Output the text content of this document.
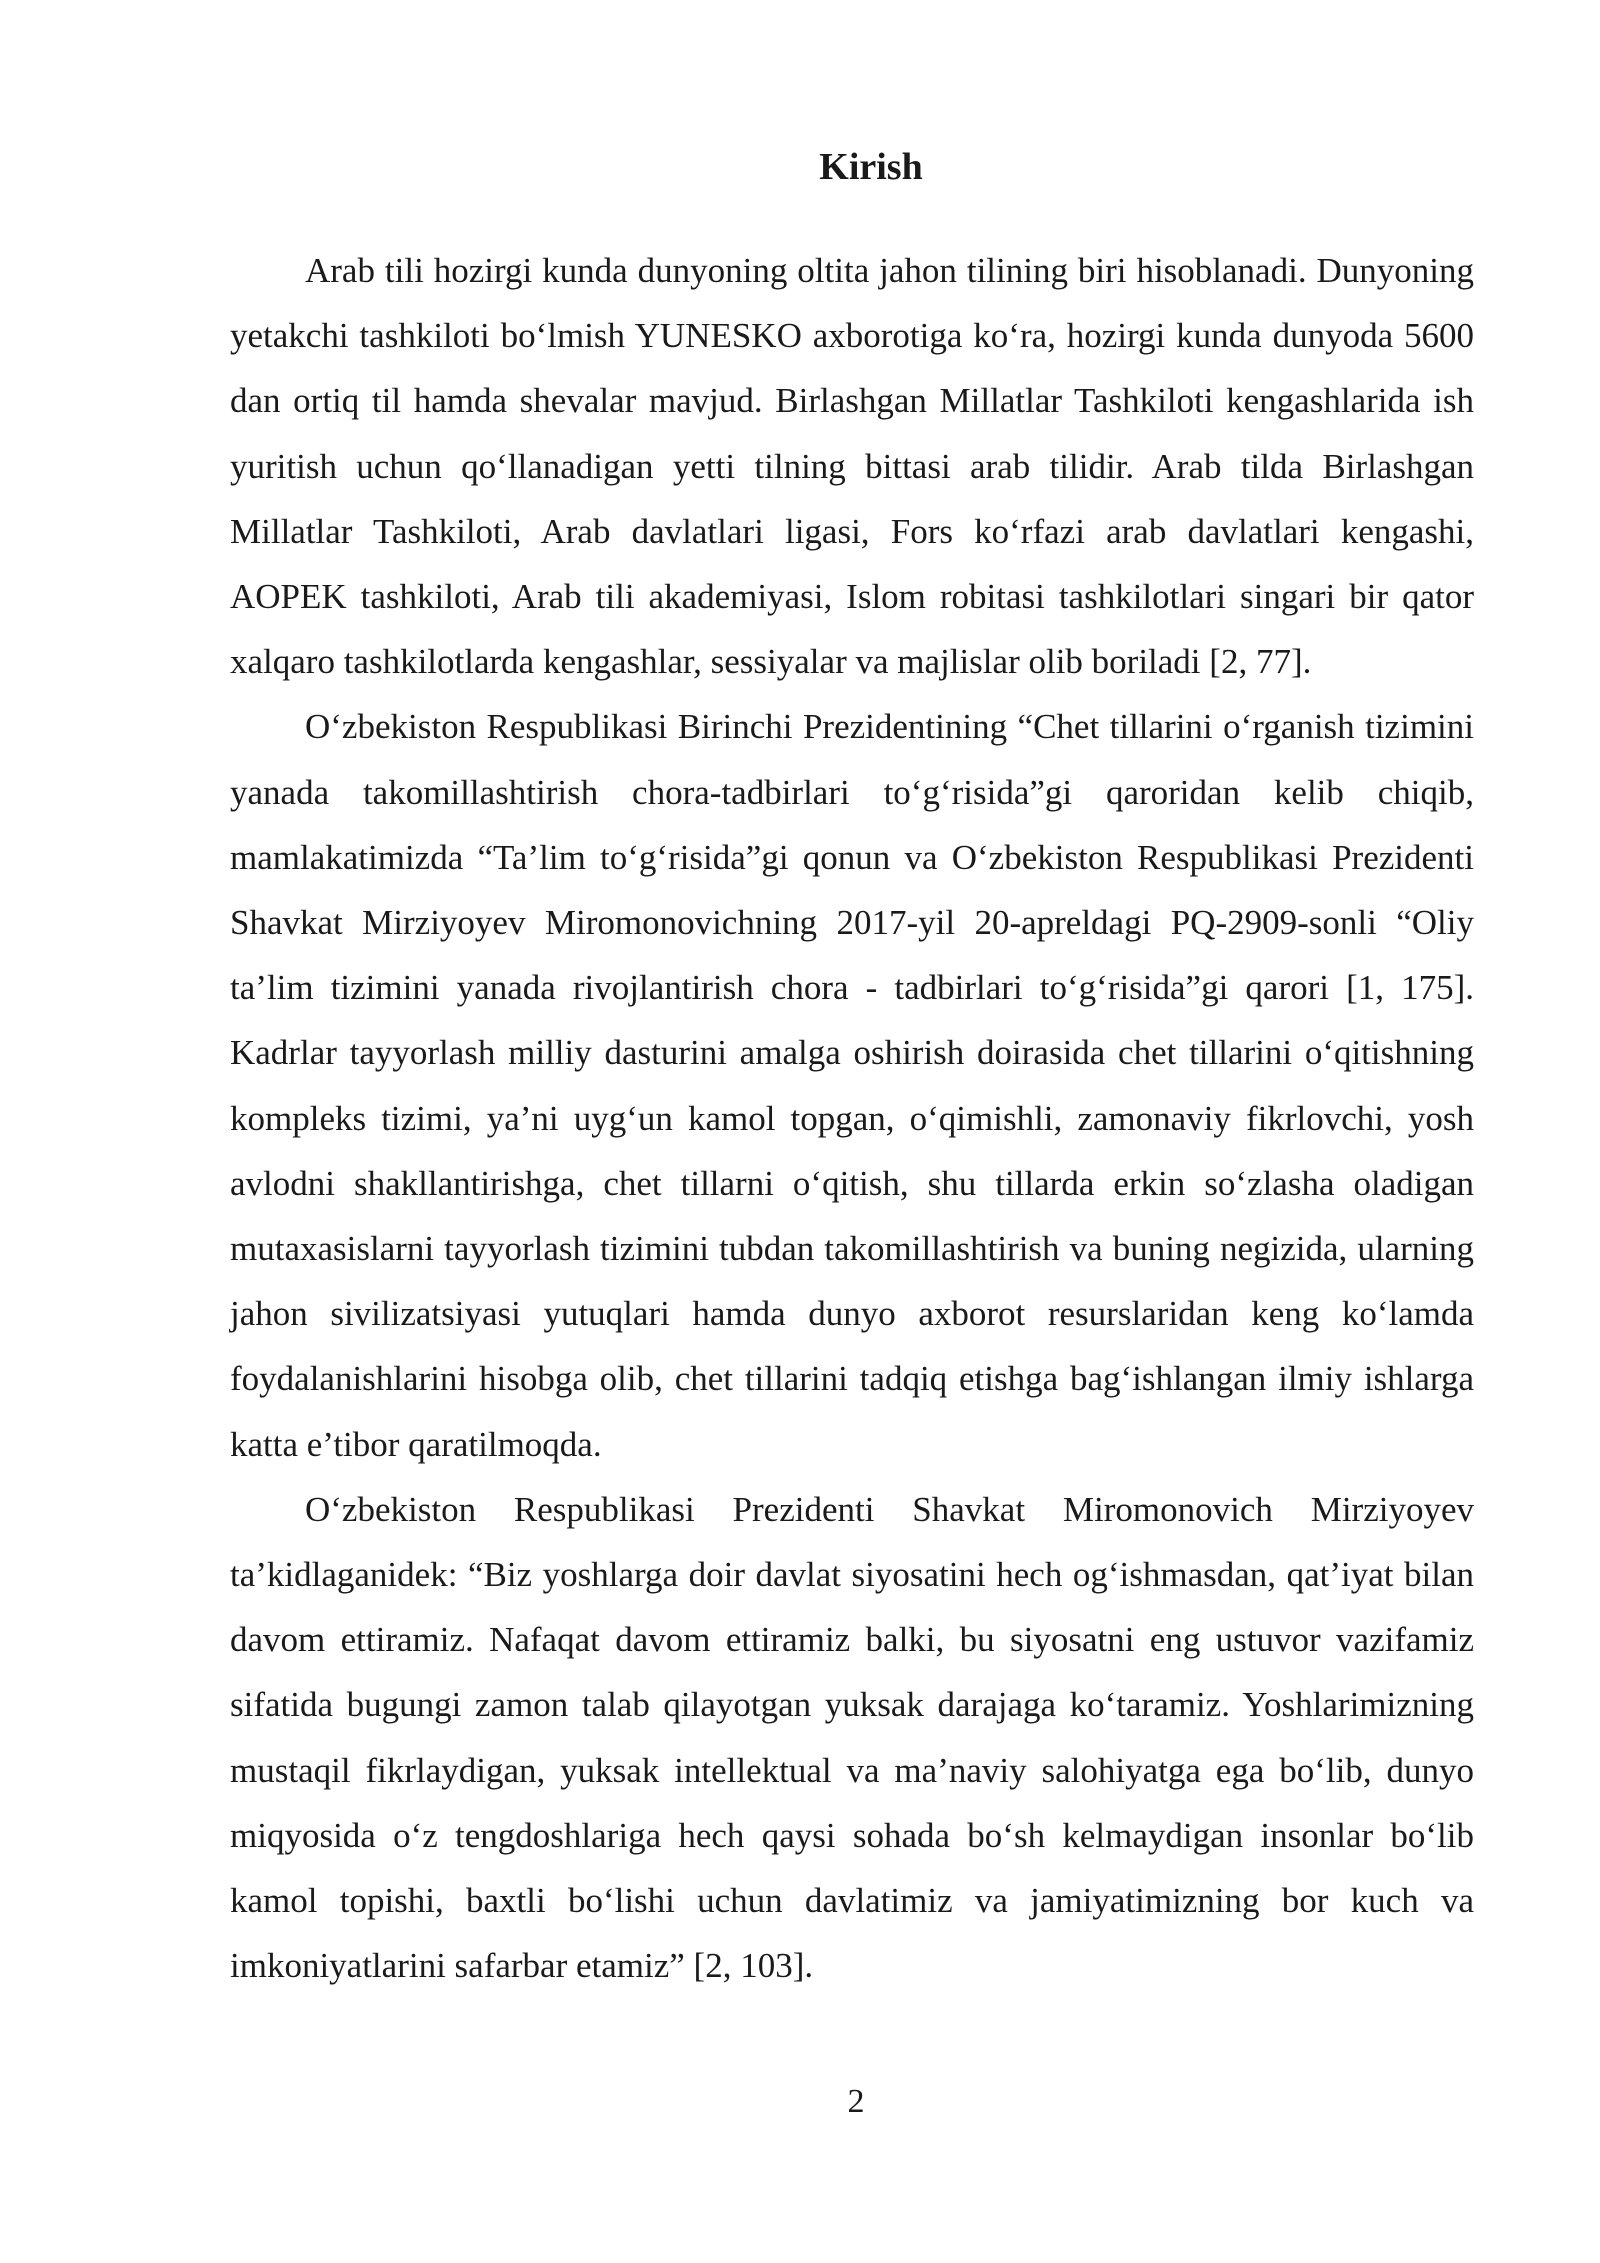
Kirish

Arab tili hozirgi kunda dunyoning oltita jahon tilining biri hisoblanadi. Dunyoning yetakchi tashkiloti bo‘lmish YUNESKO axborotiga ko‘ra, hozirgi kunda dunyoda 5600 dan ortiq til hamda shevalar mavjud. Birlashgan Millatlar Tashkiloti kengashlarida ish yuritish uchun qo‘llanadigan yetti tilning bittasi arab tilidir. Arab tilda Birlashgan Millatlar Tashkiloti, Arab davlatlari ligasi, Fors ko‘rfazi arab davlatlari kengashi, AOPEK tashkiloti, Arab tili akademiyasi, Islom robitasi tashkilotlari singari bir qator xalqaro tashkilotlarda kengashlar, sessiyalar va majlislar olib boriladi [2, 77].

O‘zbekiston Respublikasi Birinchi Prezidentining “Chet tillarini o‘rganish tizimini yanada takomillashtirish chora-tadbirlari to‘g‘risida”gi qaroridan kelib chiqib, mamlakatimizda “Ta’lim to‘g‘risida”gi qonun va O‘zbekiston Respublikasi Prezidenti Shavkat Mirziyoyev Miromonovichning 2017-yil 20-apreldagi PQ-2909-sonli “Oliy ta’lim tizimini yanada rivojlantirish chora - tadbirlari to‘g‘risida”gi qarori [1, 175]. Kadrlar tayyorlash milliy dasturini amalga oshirish doirasida chet tillarini o‘qitishning kompleks tizimi, ya’ni uyg‘un kamol topgan, o‘qimishli, zamonaviy fikrlovchi, yosh avlodni shakllantirishga, chet tillarni o‘qitish, shu tillarda erkin so‘zlasha oladigan mutaxasislarni tayyorlash tizimini tubdan takomillashtirish va buning negizida, ularning jahon sivilizatsiyasi yutuqlari hamda dunyo axborot resurslaridan keng ko‘lamda foydalanishlarini hisobga olib, chet tillarini tadqiq etishga bag‘ishlangan ilmiy ishlarga katta e’tibor qaratilmoqda.

O‘zbekiston Respublikasi Prezidenti Shavkat Miromonovich Mirziyoyev ta’kidlaganidek: “Biz yoshlarga doir davlat siyosatini hech og‘ishmasdan, qat’iyat bilan davom ettiramiz. Nafaqat davom ettiramiz balki, bu siyosatni eng ustuvor vazifamiz sifatida bugungi zamon talab qilayotgan yuksak darajaga ko‘taramiz. Yoshlarimizning mustaqil fikrlaydigan, yuksak intellektual va ma’naviy salohiyatga ega bo‘lib, dunyo miqyosida o‘z tengdoshlariga hech qaysi sohada bo‘sh kelmaydigan insonlar bo‘lib kamol topishi, baxtli bo‘lishi uchun davlatimiz va jamiyatimizning bor kuch va imkoniyatlarini safarbar etamiz” [2, 103].

2
